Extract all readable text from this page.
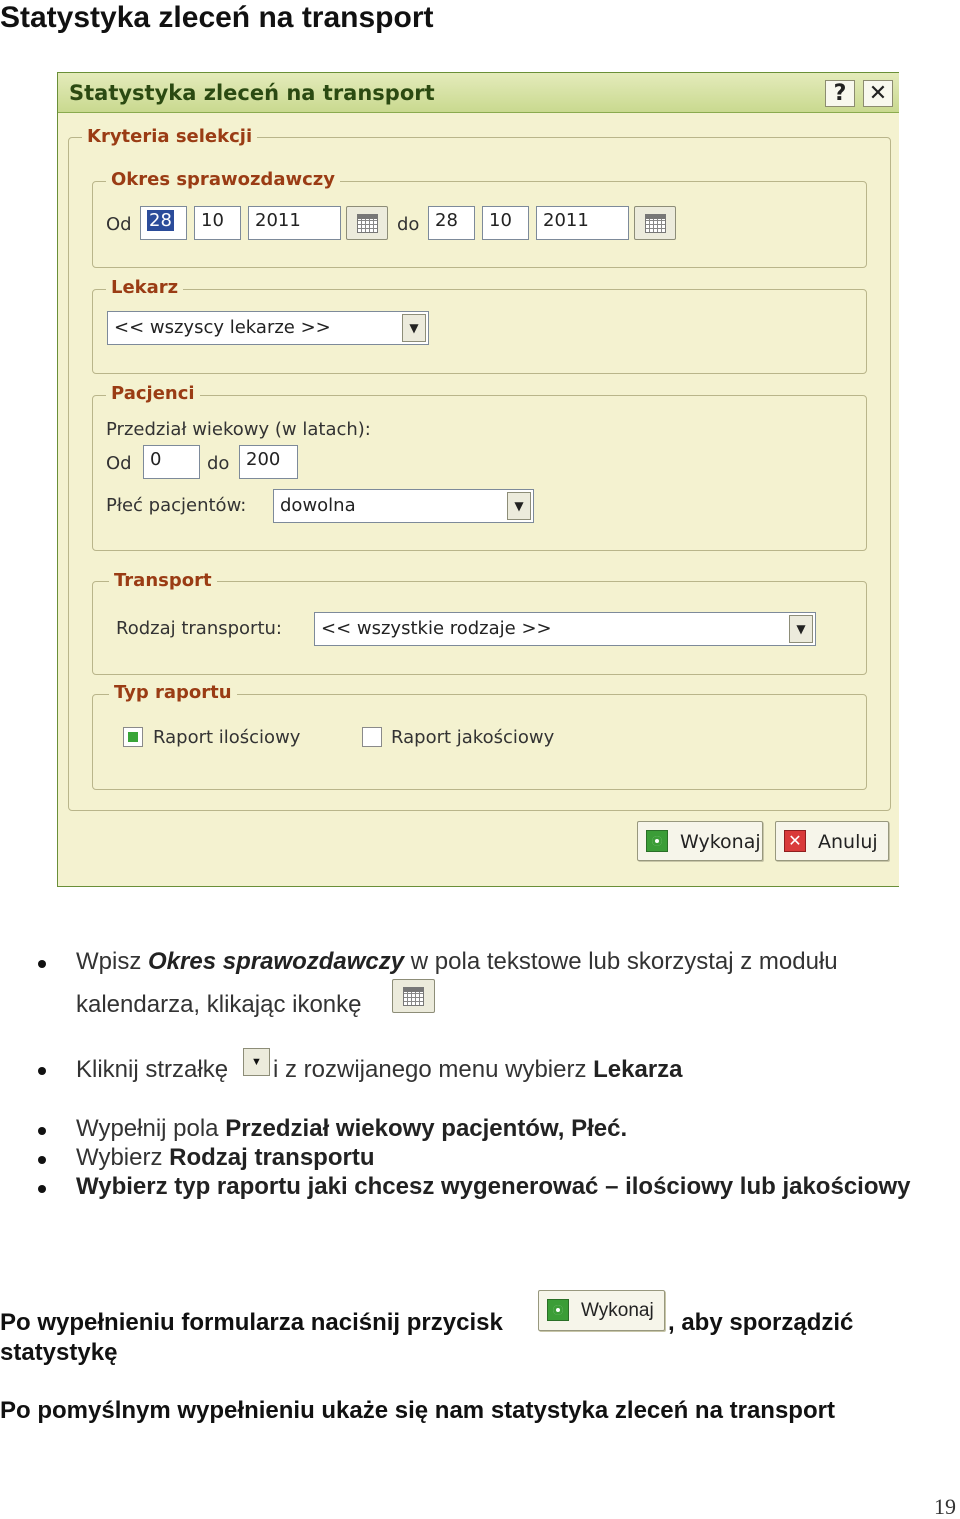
Statystyka zleceń na transport
Statystyka zleceń na transport	?	✕
Kryteria selekcji
Okres sprawozdawczy
Od 28	10	2011	do 28	10	2011
Lekarz
<< wszyscy lekarze >>	▼
Pacjenci
Przedział wiekowy (w latach):
Od	0	do 200
Płeć pacjentów: dowolna	▼
Transport
Rodzaj transportu: << wszystkie rodzaje >>	▼
Typ raportu
Raport ilościowy	Raport jakościowy
Wykonaj ✕ Anuluj
Wpisz Okres sprawozdawczy w pola tekstowe lub skorzystaj z modułu
kalendarza, klikając ikonkę
Kliknij strzałkę	▼ i z rozwijanego menu wybierz Lekarza
Wypełnij pola Przedział wiekowy pacjentów, Płeć.
Wybierz Rodzaj transportu
Wybierz typ raportu jaki chcesz wygenerować – ilościowy lub jakościowy
Po wypełnieniu formularza naciśnij przycisk	Wykonaj , aby sporządzić
statystykę
Po pomyślnym wypełnieniu ukaże się nam statystyka zleceń na transport
19
